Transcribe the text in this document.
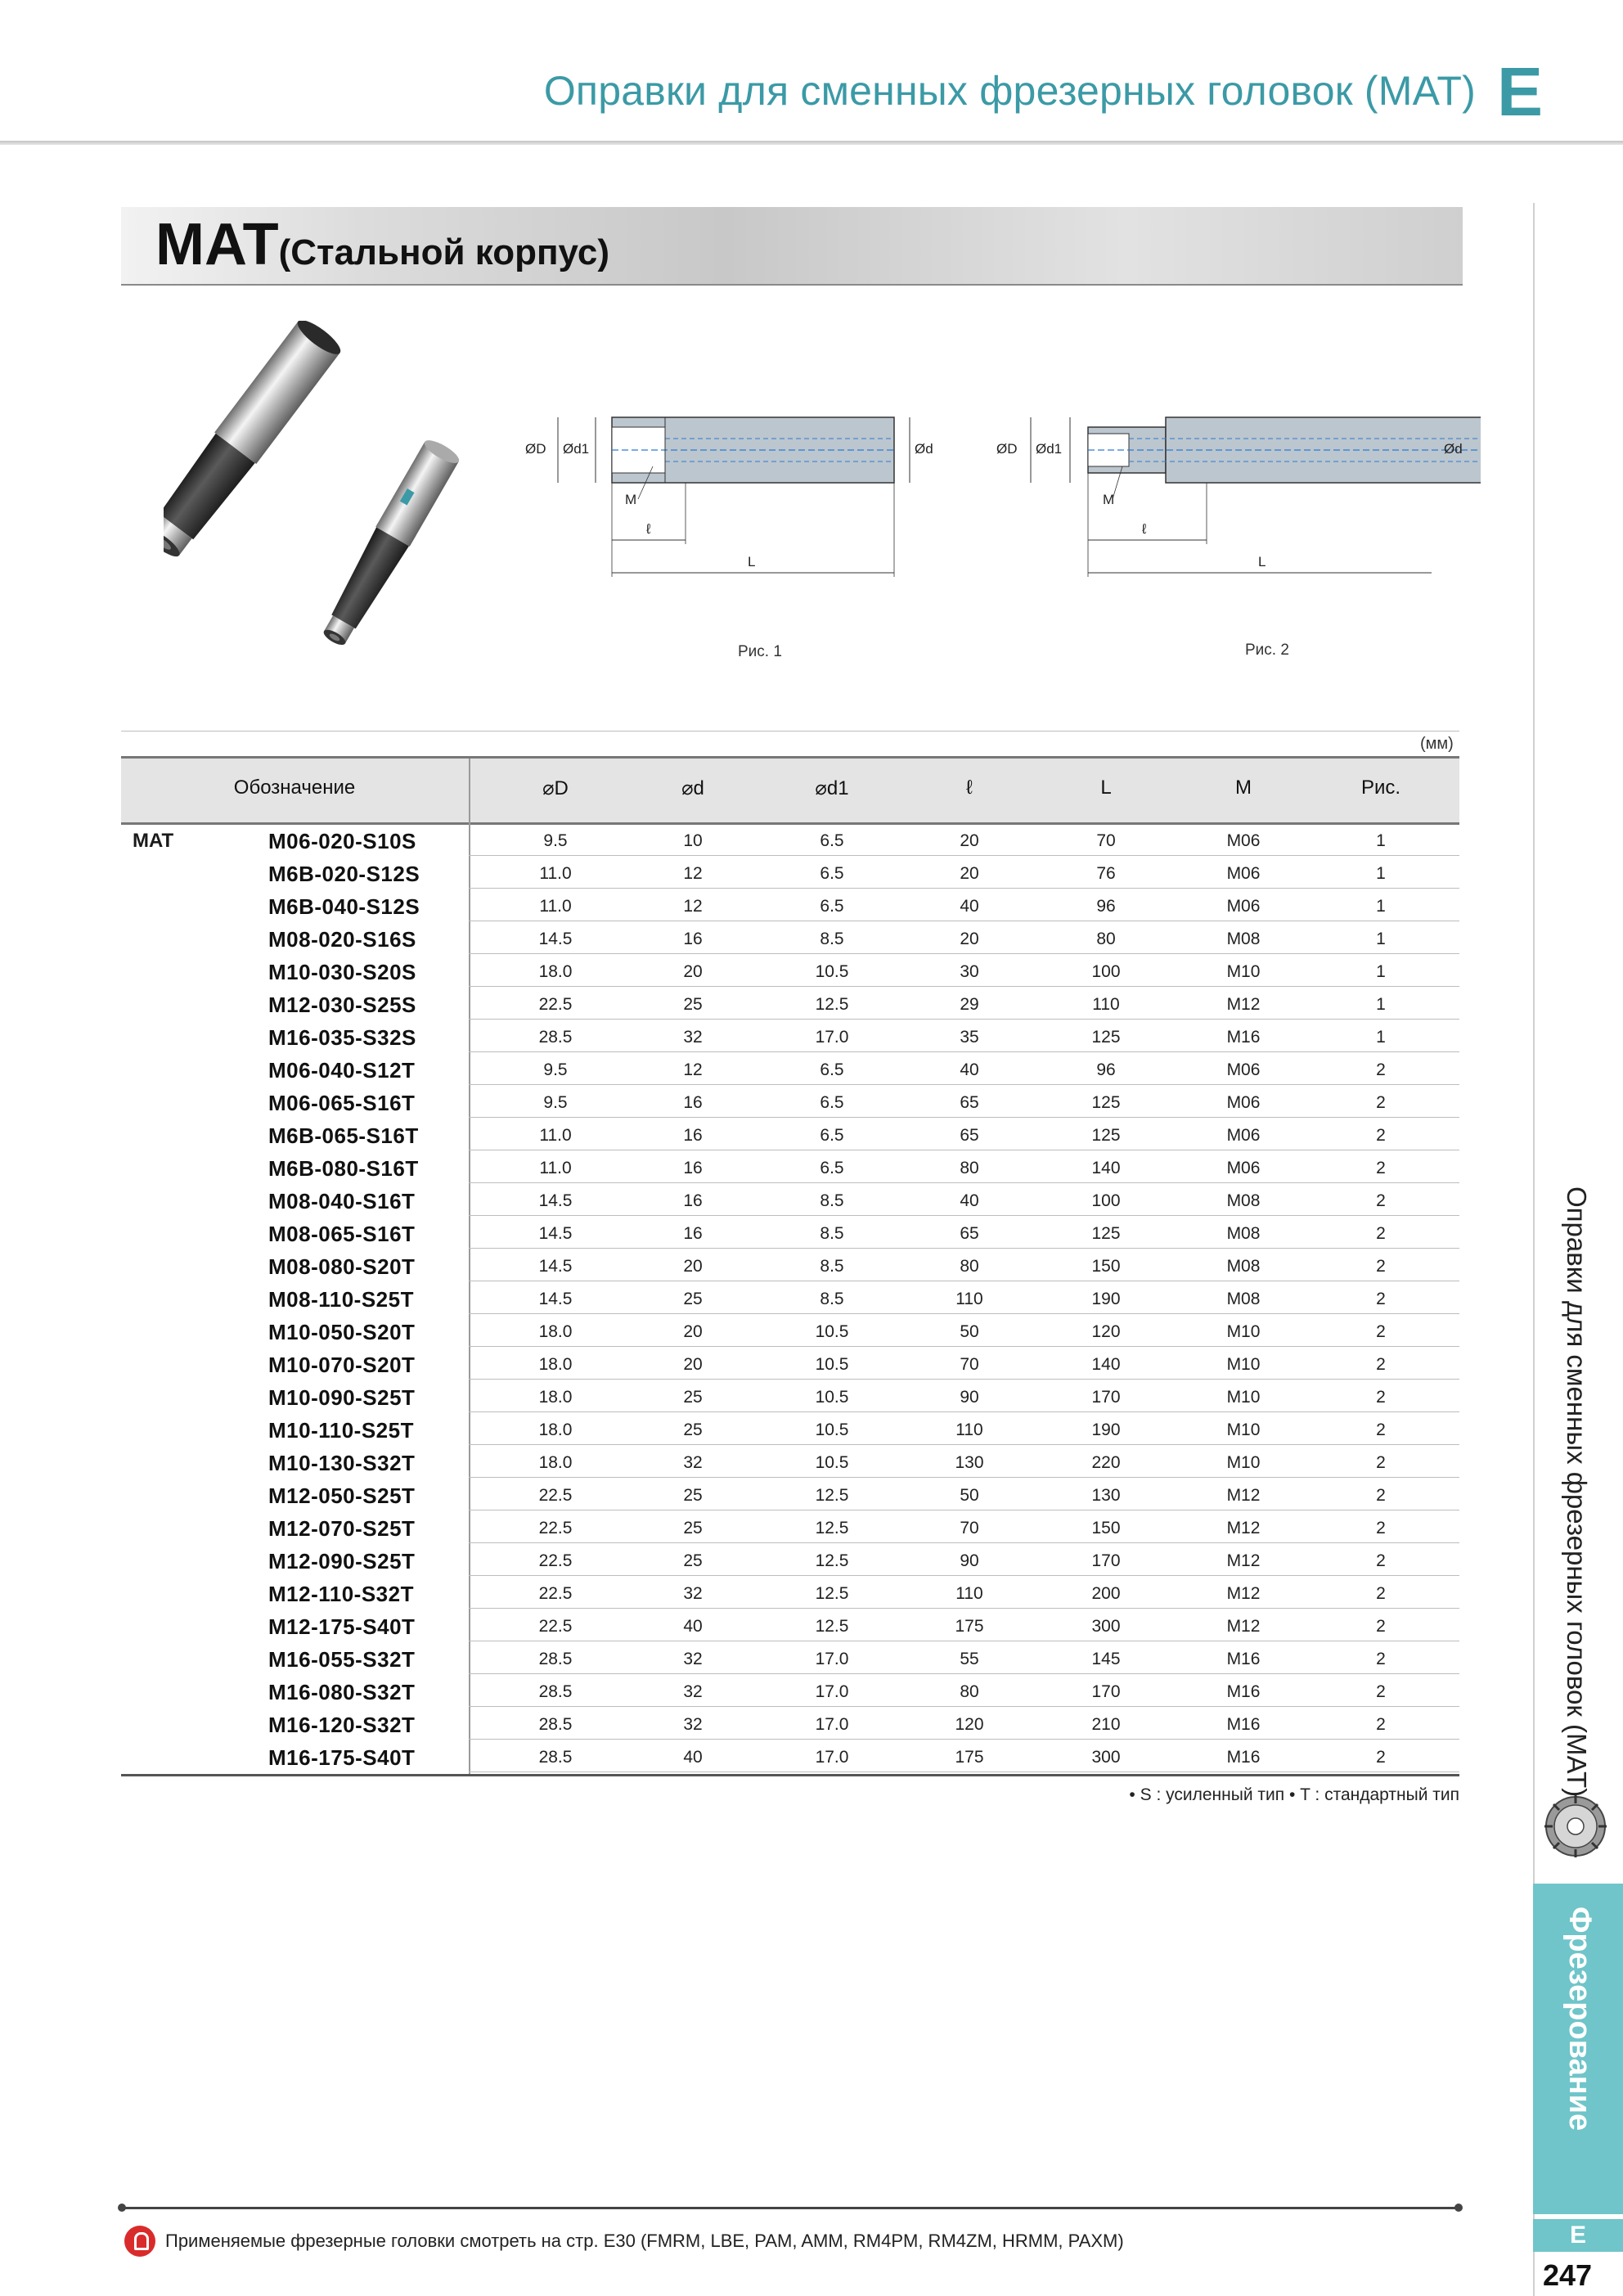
Оправки для сменных фрезерных головок (MAT) E
MAT(Стальной корпус)
ØD Ød1	Ød
M
ℓ
L
Рис. 1
ØD Ød1	Ød
M
ℓ
L
Рис. 2
(мм)
Обозначение	⌀D	⌀d	⌀d1	ℓ	L	M	Рис.
MAT	M06-020-S10S	9.5	10	6.5	20	70	M06	1
M6B-020-S12S	11.0	12	6.5	20	76	M06	1
M6B-040-S12S	11.0	12	6.5	40	96	M06	1
M08-020-S16S	14.5	16	8.5	20	80	M08	1
M10-030-S20S	18.0	20	10.5	30	100	M10	1
M12-030-S25S	22.5	25	12.5	29	110	M12	1
M16-035-S32S	28.5	32	17.0	35	125	M16	1
M06-040-S12T	9.5	12	6.5	40	96	M06	2
M06-065-S16T	9.5	16	6.5	65	125	M06	2
M6B-065-S16T	11.0	16	6.5	65	125	M06	2
M6B-080-S16T	11.0	16	6.5	80	140	M06	2
M08-040-S16T	14.5	16	8.5	40	100	M08	2
M08-065-S16T	14.5	16	8.5	65	125	M08	2
M08-080-S20T	14.5	20	8.5	80	150	M08	2
M08-110-S25T	14.5	25	8.5	110	190	M08	2
M10-050-S20T	18.0	20	10.5	50	120	M10	2
M10-070-S20T	18.0	20	10.5	70	140	M10	2
M10-090-S25T	18.0	25	10.5	90	170	M10	2
M10-110-S25T	18.0	25	10.5	110	190	M10	2
M10-130-S32T	18.0	32	10.5	130	220	M10	2
M12-050-S25T	22.5	25	12.5	50	130	M12	2
M12-070-S25T	22.5	25	12.5	70	150	M12	2
M12-090-S25T	22.5	25	12.5	90	170	M12	2
M12-110-S32T	22.5	32	12.5	110	200	M12	2
M12-175-S40T	22.5	40	12.5	175	300	M12	2
M16-055-S32T	28.5	32	17.0	55	145	M16	2
M16-080-S32T	28.5	32	17.0	80	170	M16	2
M16-120-S32T	28.5	32	17.0	120	210	M16	2
M16-175-S40T	28.5	40	17.0	175	300	M16	2
• S : усиленный тип • T : стандартный тип	Оправки для сменных фрезерных головок (MAT)
Фрезерование
E
247
Применяемые фрезерные головки смотреть на стр. E30 (FMRM, LBE, PAM, AMM, RM4PM, RM4ZM, HRMM, PAXM)
